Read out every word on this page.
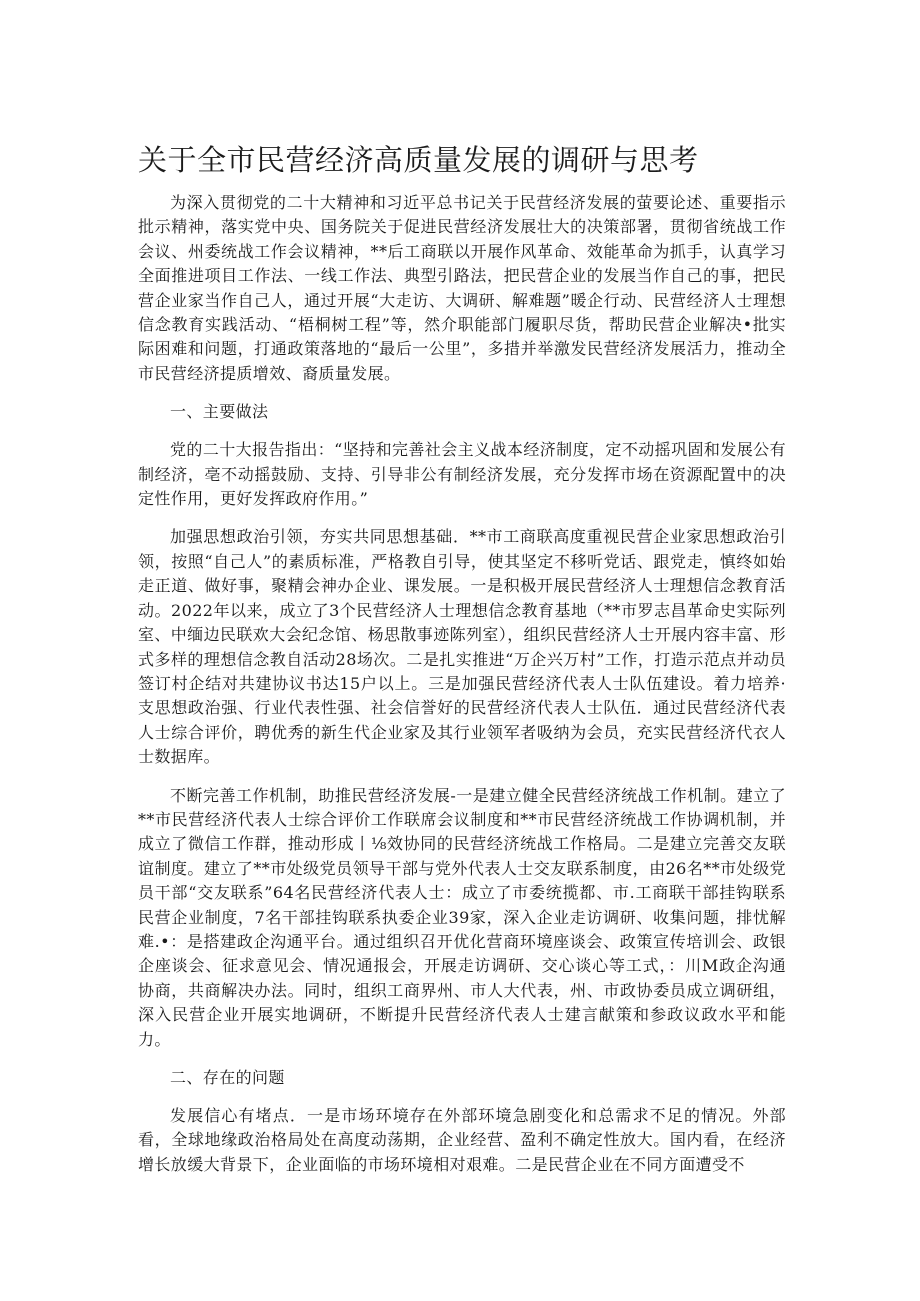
关于全市民营经济高质量发展的调研与思考

为深入贯彻党的二十大精神和习近平总书记关于民营经济发展的萤要论述、重要指示批示精神，落实党中央、国务院关于促进民营经济发展壮大的决策部署，贯彻省统战工作会议、州委统战工作会议精神，**后工商联以开展作风革命、效能革命为抓手，认真学习全面推进项目工作法、一线工作法、典型引路法，把民营企业的发展当作自己的事，把民营企业家当作自己人，通过开展“大走访、大调研、解难题”暖企行动、民营经济人士理想信念教育实践活动、“梧桐树工程”等，然介职能部门履职尽货，帮助民营企业解决•批实际困难和问题，打通政策落地的“最后一公里”，多措并举激发民营经济发展活力，推动全市民营经济提质增效、裔质量发展。

一、主要做法

党的二十大报告指出：“坚持和完善社会主义战本经济制度，定不动摇巩固和发展公有制经济，亳不动摇鼓励、支持、引导非公有制经济发展，充分发挥市场在资源配置中的决定性作用，更好发挥政府作用。”

加强思想政治引领，夯实共同思想基础．**市工商联高度重视民营企业家思想政治引领，按照“自己人”的素质标准，严格教自引导，使其坚定不移听党话、跟党走，慎终如始走正道、做好事，聚精会神办企业、课发展。一是积极开展民营经济人士理想信念教育活动。2022年以来，成立了3个民营经济人士理想信念教育基地（**市罗志昌革命史实际列室、中缅边民联欢大会纪念馆、杨思散事迹陈列室），组织民营经济人士开展内容丰富、形式多样的理想信念教自活动28场次。二是扎实推进“万企兴万村”工作，打造示范点并动员签订村企结对共建协议书达15户以上。三是加强民营经济代表人士队伍建设。着力培养·支思想政治强、行业代表性强、社会信誉好的民营经济代表人士队伍．通过民营经济代表人士综合评价，聘优秀的新生代企业家及其行业领军者吸纳为会员，充实民营经济代衣人士数据库。

不断完善工作机制，助推民营经济发展-一是建立健全民营经济统战工作机制。建立了**市民营经济代表人士综合评价工作联席会议制度和**市民营经济统战工作协调机制，并成立了微信工作群，推动形成丨⅛效协同的民营经济统战工作格局。二是建立完善交友联谊制度。建立了**市处级党员领导干部与党外代表人士交友联系制度，由26名**市处级党员干部“交友联系”64名民营经济代表人士：成立了市委统揽都、市.工商联干部挂钩联系民营企业制度，7名干部挂钩联系执委企业39家，深入企业走访调研、收集问题，排忧解难.•：是搭建政企沟通平台。通过组织召开优化营商环境座谈会、政策宣传培训会、政银企座谈会、征求意见会、情况通报会，开展走访调研、交心谈心等工式，：川M政企沟通协商，共商解决办法。同时，组织工商界州、市人大代表，州、市政协委员成立调研组，深入民营企业开展实地调研，不断提升民营经济代表人士建言献策和参政议政水平和能力。

二、存在的问题

发展信心有堵点．一是市场环境存在外部环境急剧变化和总需求不足的情况。外部看，全球地缘政治格局处在高度动荡期，企业经营、盈利不确定性放大。国内看，在经济增长放缓大背景下，企业面临的市场环境相对艰难。二是民营企业在不同方面遭受不
